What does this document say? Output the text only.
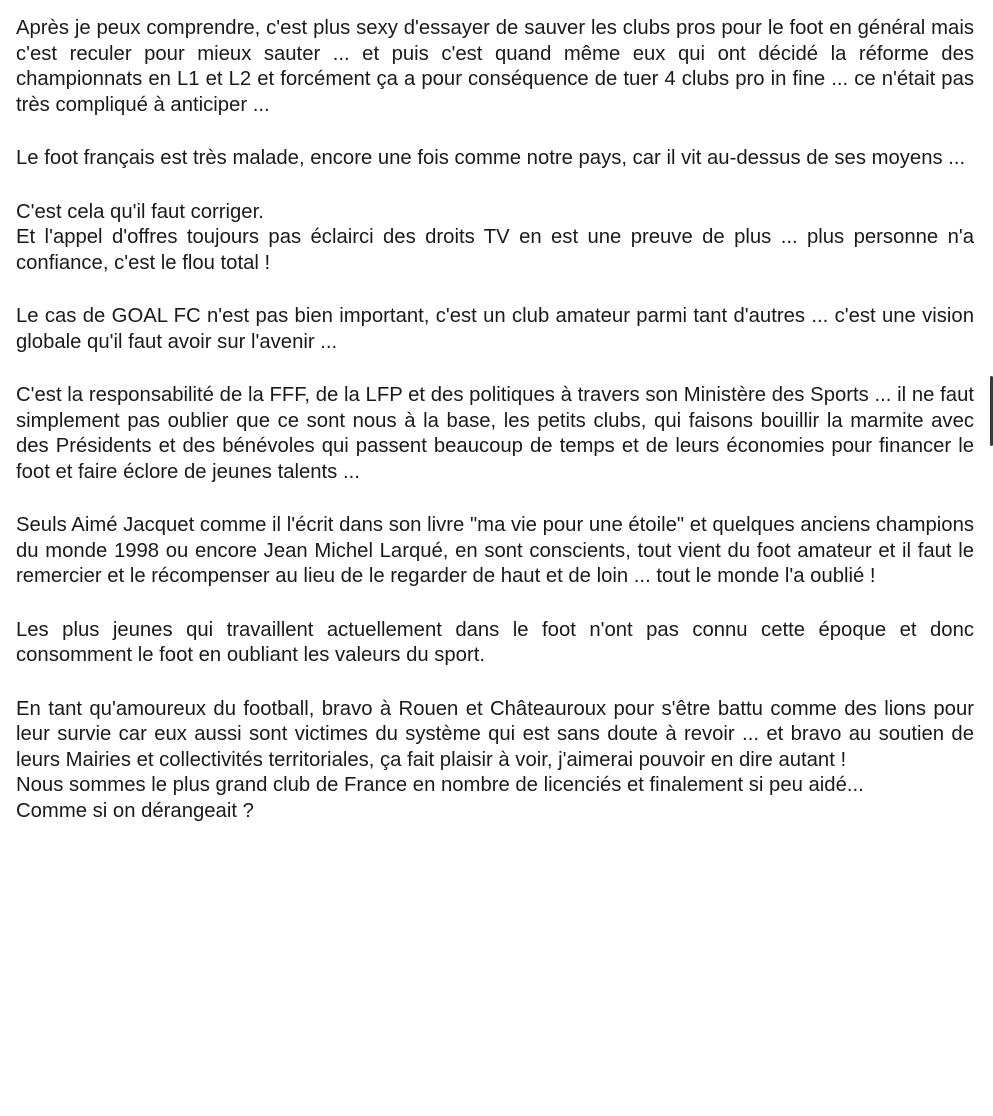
Après je peux comprendre, c'est plus sexy d'essayer de sauver les clubs pros pour le foot en général mais c'est reculer pour mieux sauter ... et puis c'est quand même eux qui ont décidé la réforme des championnats en L1 et L2 et forcément ça a pour conséquence de tuer 4 clubs pro in fine ... ce n'était pas très compliqué à anticiper ...

Le foot français est très malade, encore une fois comme notre pays, car il vit au-dessus de ses moyens ...

C'est cela qu'il faut corriger.

Et l'appel d'offres toujours pas éclairci des droits TV en est une preuve de plus ... plus personne n'a confiance, c'est le flou total !

Le cas de GOAL FC n'est pas bien important, c'est un club amateur parmi tant d'autres ... c'est une vision globale qu'il faut avoir sur l'avenir ...

C'est la responsabilité de la FFF, de la LFP et des politiques à travers son Ministère des Sports ... il ne faut simplement pas oublier que ce sont nous à la base, les petits clubs, qui faisons bouillir la marmite avec des Présidents et des bénévoles qui passent beaucoup de temps et de leurs économies pour financer le foot et faire éclore de jeunes talents ...

Seuls Aimé Jacquet comme il l'écrit dans son livre "ma vie pour une étoile" et quelques anciens champions du monde 1998 ou encore Jean Michel Larqué, en sont conscients, tout vient du foot amateur et il faut le remercier et le récompenser au lieu de le regarder de haut et de loin ... tout le monde l'a oublié !

Les plus jeunes qui travaillent actuellement dans le foot n'ont pas connu cette époque et donc consomment le foot en oubliant les valeurs du sport.

En tant qu'amoureux du football, bravo à Rouen et Châteauroux pour s'être battu comme des lions pour leur survie car eux aussi sont victimes du système qui est sans doute à revoir ... et bravo au soutien de leurs Mairies et collectivités territoriales, ça fait plaisir à voir, j'aimerai pouvoir en dire autant !

Nous sommes le plus grand club de France en nombre de licenciés et finalement si peu aidé...

Comme si on dérangeait ?
